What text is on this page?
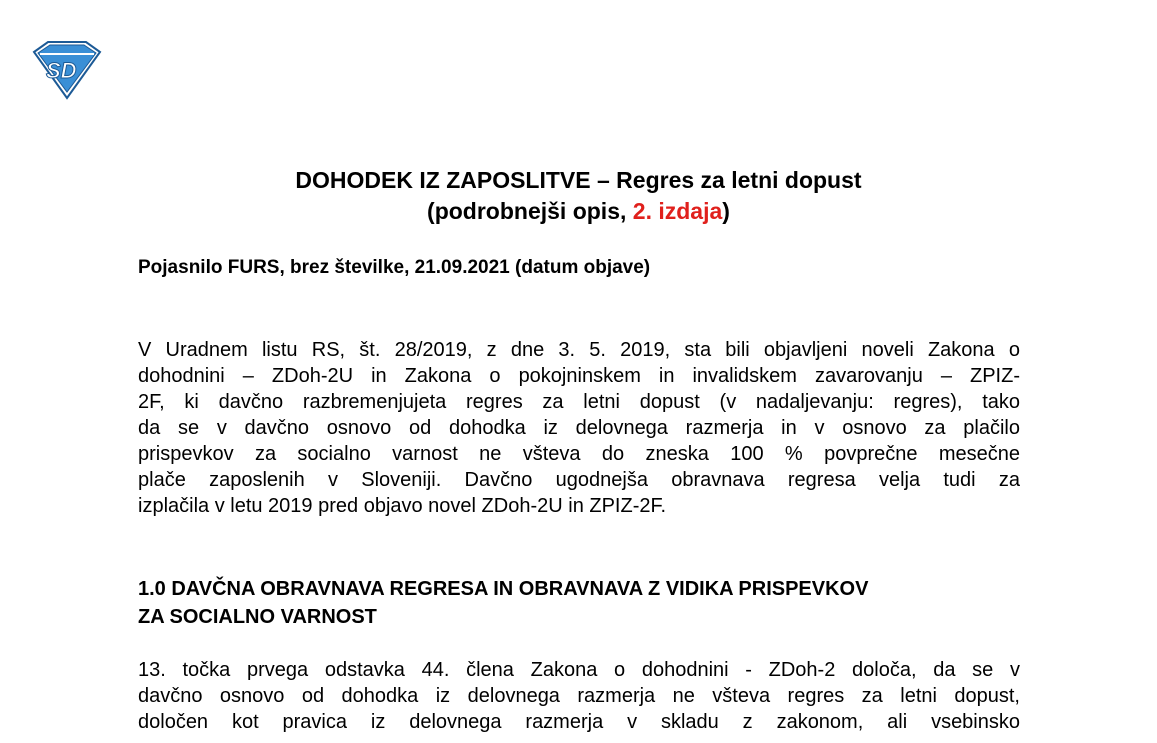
SD
DOHODEK IZ ZAPOSLITVE – Regres za letni dopust
(podrobnejši opis, 2. izdaja)
Pojasnilo FURS, brez številke, 21.09.2021 (datum objave)
V Uradnem listu RS, št. 28/2019, z dne 3. 5. 2019, sta bili objavljeni noveli Zakona o
dohodnini – ZDoh-2U in Zakona o pokojninskem in invalidskem zavarovanju – ZPIZ-
2F, ki davčno razbremenjujeta regres za letni dopust (v nadaljevanju: regres), tako
da se v davčno osnovo od dohodka iz delovnega razmerja in v osnovo za plačilo
prispevkov za socialno varnost ne všteva do zneska 100 % povprečne mesečne
plače zaposlenih v Sloveniji. Davčno ugodnejša obravnava regresa velja tudi za
izplačila v letu 2019 pred objavo novel ZDoh-2U in ZPIZ-2F.
1.0 DAVČNA OBRAVNAVA REGRESA IN OBRAVNAVA Z VIDIKA PRISPEVKOV
ZA SOCIALNO VARNOST
13. točka prvega odstavka 44. člena Zakona o dohodnini - ZDoh-2 določa, da se v
davčno osnovo od dohodka iz delovnega razmerja ne všteva regres za letni dopust,
določen kot pravica iz delovnega razmerja v skladu z zakonom, ali vsebinsko
